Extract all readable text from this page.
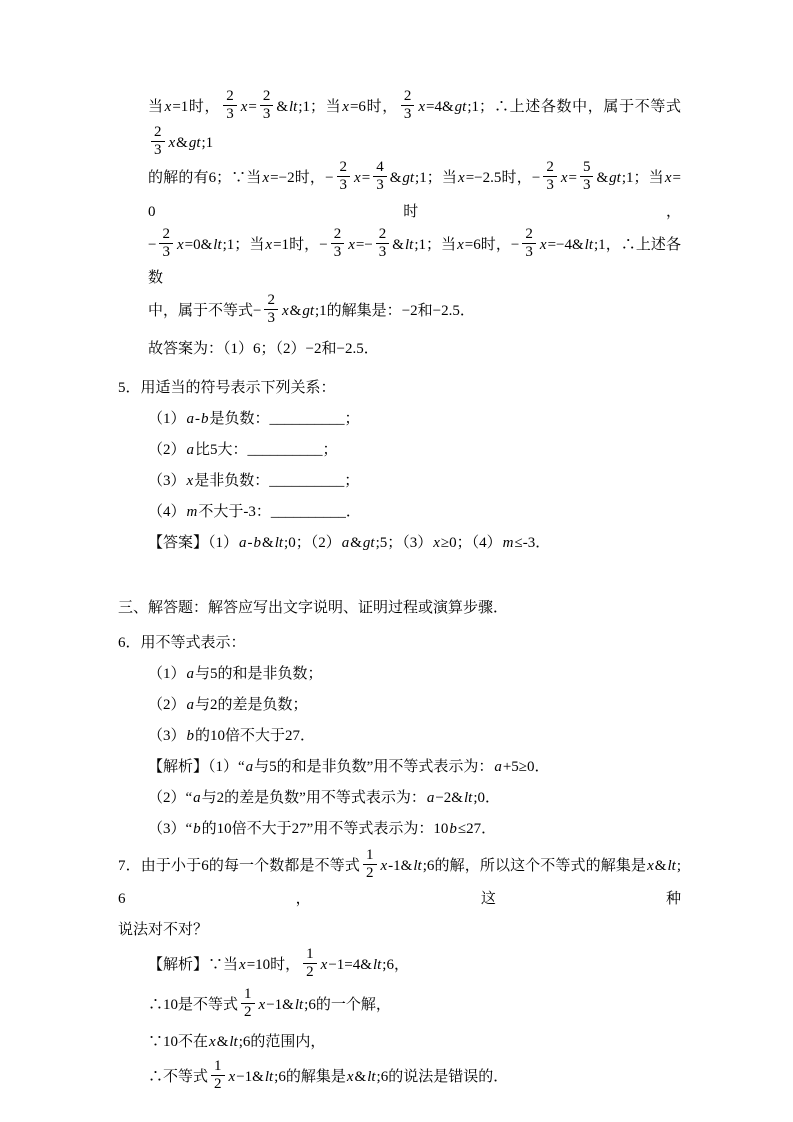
当x=1时， $\frac{2}{3} x= \frac{2}{3}$ &lt;1；当x=6时， $\frac{2}{3}$ x=4&gt;1；∴上述各数中，属于不等式
$\frac{2}{3}$ x&gt;1
的解的有6；∵当x=−2时，− $\frac{2}{3} x= \frac{4}{3}$ &gt;1；当x=−2.5时，− $\frac{2}{3} x= \frac{5}{3}$ &gt;1；当x=0时，
− $\frac{2}{3}$ x=0&lt;1；当x=1时，− $\frac{2}{3} x=- \frac{2}{3}$ &lt;1；当x=6时，− $\frac{2}{3}$ x=−4&lt;1，∴上述各数
中，属于不等式− $\frac{2}{3}$ x&gt;1的解集是：−2和−2.5．
故答案为：（1）6；（2）−2和−2.5．
5．用适当的符号表示下列关系：
（1）a-b是负数：__________；
（2）a比5大：__________；
（3）x是非负数：__________；
（4）m不大于-3：__________．
【答案】（1）a-b&lt;0；（2）a&gt;5；（3）x≥0；（4）m≤-3．
三、解答题：解答应写出文字说明、证明过程或演算步骤．
6．用不等式表示：
（1）a与5的和是非负数；
（2）a与2的差是负数；
（3）b的10倍不大于27．
【解析】（1）“a与5的和是非负数”用不等式表示为：a+5≥0．
（2）“a与2的差是负数”用不等式表示为：a−2&lt;0．
（3）“b的10倍不大于27”用不等式表示为：10b≤27．
7．由于小于6的每一个数都是不等式 $\frac{1}{2}$ x-1&lt;6的解，所以这个不等式的解集是x&lt;6，这种
说法对不对？
【解析】∵当x=10时， $\frac{1}{2}$ x−1=4&lt;6，
∴10是不等式 $\frac{1}{2}$ x−1&lt;6的一个解，
∵10不在x&lt;6的范围内，
∴不等式 $\frac{1}{2}$ x−1&lt;6的解集是x&lt;6的说法是错误的．
